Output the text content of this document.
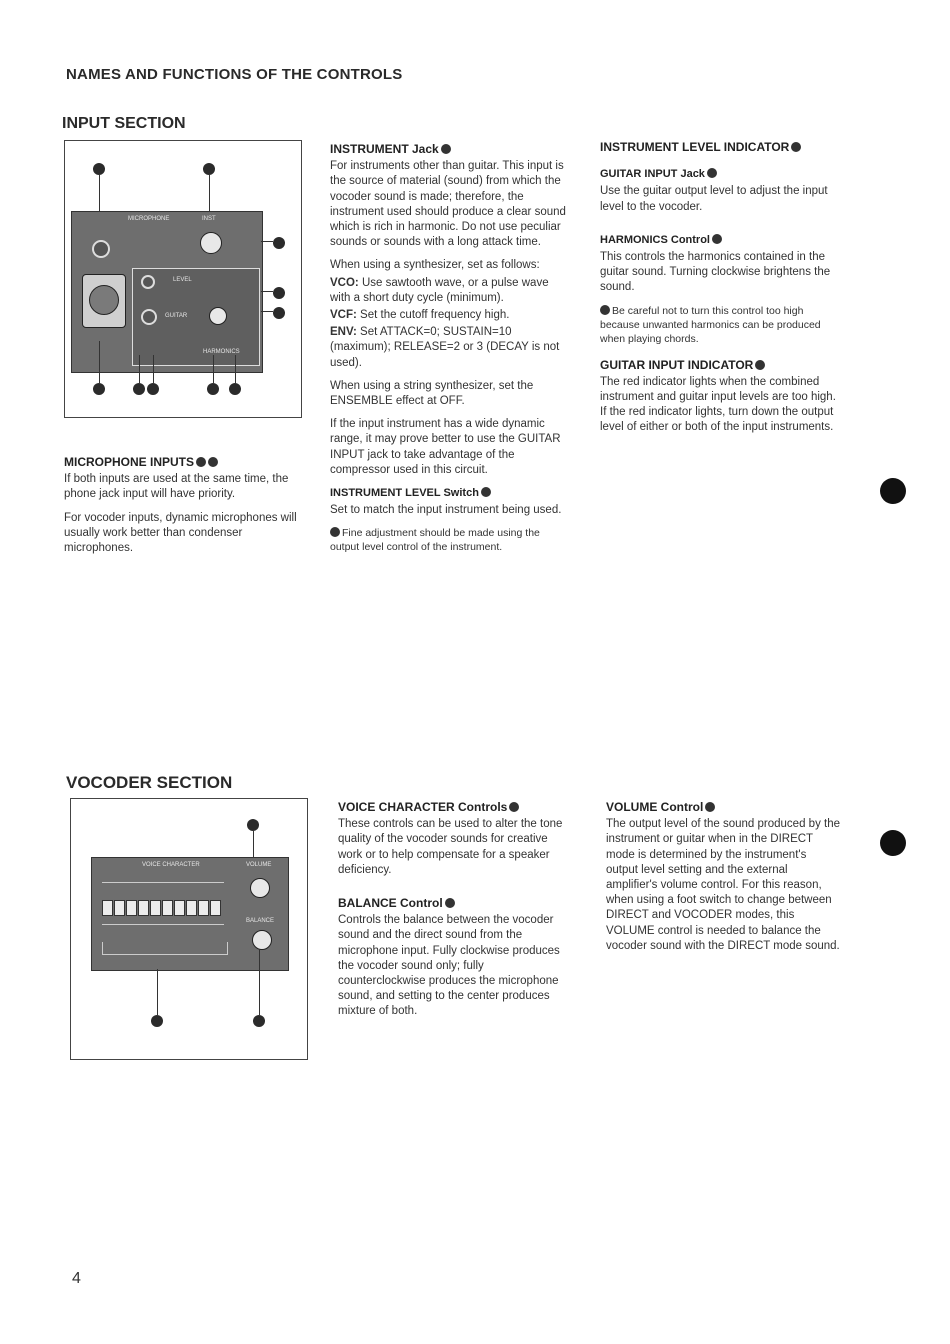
NAMES AND FUNCTIONS OF THE CONTROLS
INPUT SECTION
MICROPHONE	INST
LEVEL
GUITAR
HARMONICS
MICROPHONE INPUTS

If both inputs are used at the same time, the phone jack input will have priority.

For vocoder inputs, dynamic microphones will usually work better than condenser microphones.

INSTRUMENT Jack

For instruments other than guitar. This input is the source of material (sound) from which the vocoder sound is made; therefore, the instrument used should produce a clear sound which is rich in harmonic. Do not use peculiar sounds or sounds with a long attack time.

When using a synthesizer, set as follows:

VCO: Use sawtooth wave, or a pulse wave with a short duty cycle (minimum).

VCF: Set the cutoff frequency high.

ENV: Set ATTACK=0; SUSTAIN=10 (maximum); RELEASE=2 or 3 (DECAY is not used).

When using a string synthesizer, set the ENSEMBLE effect at OFF.

If the input instrument has a wide dynamic range, it may prove better to use the GUITAR INPUT jack to take advantage of the compressor used in this circuit.

INSTRUMENT LEVEL Switch

Set to match the input instrument being used.

Fine adjustment should be made using the output level control of the instrument.

INSTRUMENT LEVEL INDICATOR
GUITAR INPUT Jack

Use the guitar output level to adjust the input level to the vocoder.

HARMONICS Control

This controls the harmonics contained in the guitar sound. Turning clockwise brightens the sound.

Be careful not to turn this control too high because unwanted harmonics can be produced when playing chords.

GUITAR INPUT INDICATOR

The red indicator lights when the combined instrument and guitar input levels are too high. If the red indicator lights, turn down the output level of either or both of the input instruments.

VOCODER SECTION
VOICE CHARACTER	VOLUME
BALANCE
VOICE CHARACTER Controls

These controls can be used to alter the tone quality of the vocoder sounds for creative work or to help compensate for a speaker deficiency.

BALANCE Control

Controls the balance between the vocoder sound and the direct sound from the microphone input. Fully clockwise produces the vocoder sound only; fully counterclockwise produces the microphone sound, and setting to the center produces mixture of both.

VOLUME Control

The output level of the sound produced by the instrument or guitar when in the DIRECT mode is determined by the instrument's output level setting and the external amplifier's volume control. For this reason, when using a foot switch to change between DIRECT and VOCODER modes, this VOLUME control is needed to balance the vocoder sound with the DIRECT mode sound.

4
